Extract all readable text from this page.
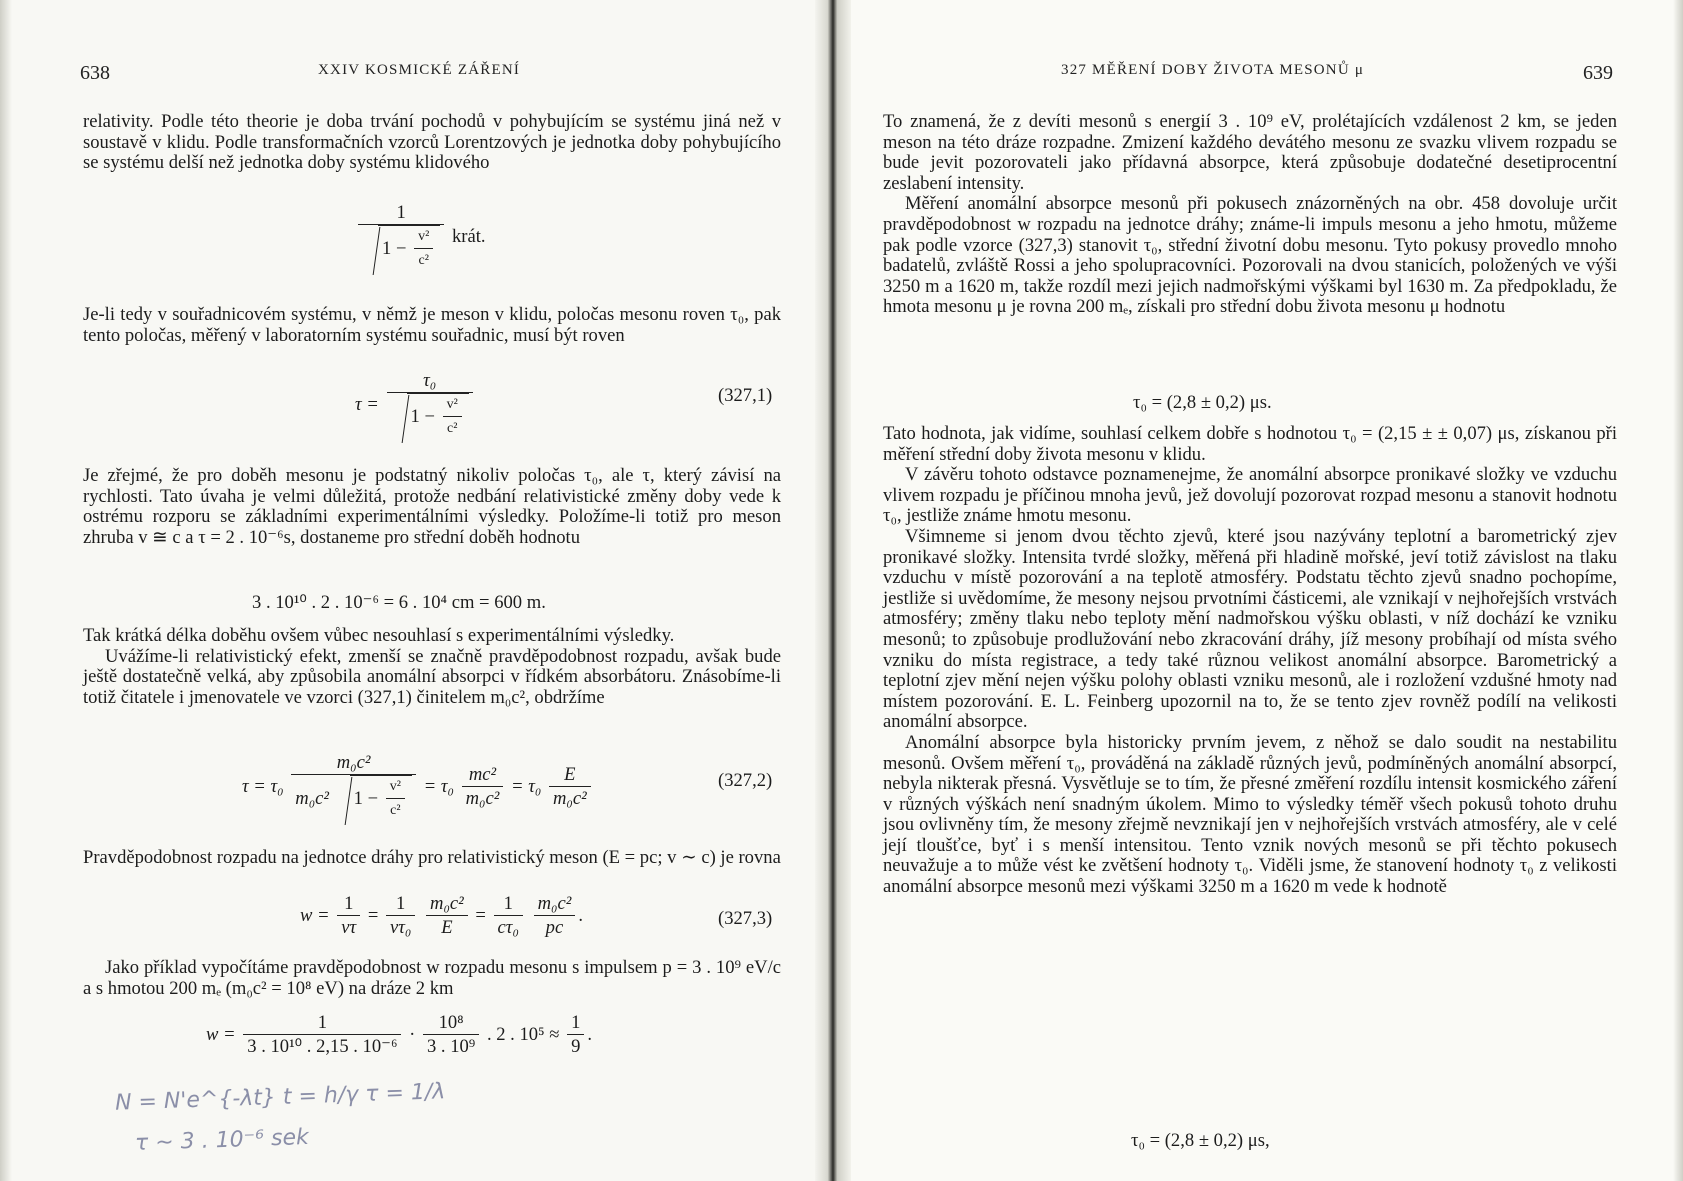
638	XXIV KOSMICKÉ ZÁŘENÍ

relativity. Podle této theorie je doba trvání pochodů v pohybujícím se systému jiná než v soustavě v klidu. Podle transformačních vzorců Lorentzových je jednotka doby pohybujícího se systému delší než jednotka doby systému klidového

$\frac{1}{1 - \frac{\text{v²}}{\text{c²}}}$ krát.

Je-li tedy v souřadnicovém systému, v němž je meson v klidu, poločas mesonu roven τ₀, pak tento poločas, měřený v laboratorním systému souřadnic, musí být roven

$\tau = \frac{\text{τ₀}}{1 - \frac{\text{v²}}{\text{c²}}}$	(327,1)

Je zřejmé, že pro doběh mesonu je podstatný nikoliv poločas τ₀, ale τ, který závisí na rychlosti. Tato úvaha je velmi důležitá, protože nedbání relativistické změny doby vede k ostrému rozporu se základními experimentálními výsledky. Položíme-li totiž pro meson zhruba v ≅ c a τ = 2 . 10⁻⁶s, dostaneme pro střední doběh hodnotu

3 . 10¹⁰ . 2 . 10⁻⁶ = 6 . 10⁴ cm = 600 m.

Tak krátká délka doběhu ovšem vůbec nesouhlasí s experimentálními výsledky.

Uvážíme-li relativistický efekt, zmenší se značně pravděpodobnost rozpadu, avšak bude ještě dostatečně velká, aby způsobila anomální absorpci v řídkém absorbátoru. Znásobíme-li totiž čitatele i jmenovatele ve vzorci (327,1) činitelem m₀c², obdržíme

$\tau = \tau_0 \frac{\text{m₀c²}}{m_0c^2 1 - \frac{\text{v²}}{\text{c²}}} = \tau_0 \frac{\text{mc²}}{\text{m₀c²}} = \tau_0 \frac{E}{\text{m₀c²}}$	(327,2)

Pravděpodobnost rozpadu na jednotce dráhy pro relativistický meson (E = pc; v ∼ c) je rovna

$w = \frac{1}{v\tau} = \frac{1}{\text{vτ₀}}$
$\frac{\text{m₀c²}}{E} = \frac{1}{\text{cτ₀}}$
$\frac{\text{m₀c²}}{pc}$ .	(327,3)

Jako příklad vypočítáme pravděpodobnost w rozpadu mesonu s impulsem p = 3 . 10⁹ eV/c a s hmotou 200 mₑ (m₀c² = 10⁸ eV) na dráze 2 km

$w = \frac{1}{\text{3 . 10¹⁰ . 2,15 . 10⁻⁶}} \cdot \frac{\text{10⁸}}{\text{3 . 10⁹}}$ . 2 . $10^5 \approx \frac{1}{9}$ .
N = N'e^{-λt} t = h/γ τ = 1/λ
τ ~ 3 . 10⁻⁶ sek
327 MĚŘENÍ DOBY ŽIVOTA MESONŮ μ	639

To znamená, že z devíti mesonů s energií 3 . 10⁹ eV, prolétajících vzdálenost 2 km, se jeden meson na této dráze rozpadne. Zmizení každého devátého mesonu ze svazku vlivem rozpadu se bude jevit pozorovateli jako přídavná absorpce, která způsobuje dodatečné desetiprocentní zeslabení intensity.

Měření anomální absorpce mesonů při pokusech znázorněných na obr. 458 dovoluje určit pravděpodobnost w rozpadu na jednotce dráhy; známe-li impuls mesonu a jeho hmotu, můžeme pak podle vzorce (327,3) stanovit τ₀, střední životní dobu mesonu. Tyto pokusy provedlo mnoho badatelů, zvláště Rossi a jeho spolupracovníci. Pozorovali na dvou stanicích, položených ve výši 3250 m a 1620 m, takže rozdíl mezi jejich nadmořskými výškami byl 1630 m. Za předpokladu, že hmota mesonu μ je rovna 200 mₑ, získali pro střední dobu života mesonu μ hodnotu

τ₀ = (2,8 ± 0,2) μs.

Tato hodnota, jak vidíme, souhlasí celkem dobře s hodnotou τ₀ = (2,15 ± ± 0,07) μs, získanou při měření střední doby života mesonu v klidu.

V závěru tohoto odstavce poznamenejme, že anomální absorpce pronikavé složky ve vzduchu vlivem rozpadu je příčinou mnoha jevů, jež dovolují pozorovat rozpad mesonu a stanovit hodnotu τ₀, jestliže známe hmotu mesonu.

Všimneme si jenom dvou těchto zjevů, které jsou nazývány teplotní a barometrický zjev pronikavé složky. Intensita tvrdé složky, měřená při hladině mořské, jeví totiž závislost na tlaku vzduchu v místě pozorování a na teplotě atmosféry. Podstatu těchto zjevů snadno pochopíme, jestliže si uvědomíme, že mesony nejsou prvotními částicemi, ale vznikají v nejhořejších vrstvách atmosféry; změny tlaku nebo teploty mění nadmořskou výšku oblasti, v níž dochází ke vzniku mesonů; to způsobuje prodlužování nebo zkracování dráhy, jíž mesony probíhají od místa svého vzniku do místa registrace, a tedy také různou velikost anomální absorpce. Barometrický a teplotní zjev mění nejen výšku polohy oblasti vzniku mesonů, ale i rozložení vzdušné hmoty nad místem pozorování. E. L. Feinberg upozornil na to, že se tento zjev rovněž podílí na velikosti anomální absorpce.

Anomální absorpce byla historicky prvním jevem, z něhož se dalo soudit na nestabilitu mesonů. Ovšem měření τ₀, prováděná na základě různých jevů, podmíněných anomální absorpcí, nebyla nikterak přesná. Vysvětluje se to tím, že přesné změření rozdílu intensit kosmického záření v různých výškách není snadným úkolem. Mimo to výsledky téměř všech pokusů tohoto druhu jsou ovlivněny tím, že mesony zřejmě nevznikají jen v nejhořejších vrstvách atmosféry, ale v celé její tloušťce, byť i s menší intensitou. Tento vznik nových mesonů se při těchto pokusech neuvažuje a to může vést ke zvětšení hodnoty τ₀. Viděli jsme, že stanovení hodnoty τ₀ z velikosti anomální absorpce mesonů mezi výškami 3250 m a 1620 m vede k hodnotě

τ₀ = (2,8 ± 0,2) μs,
